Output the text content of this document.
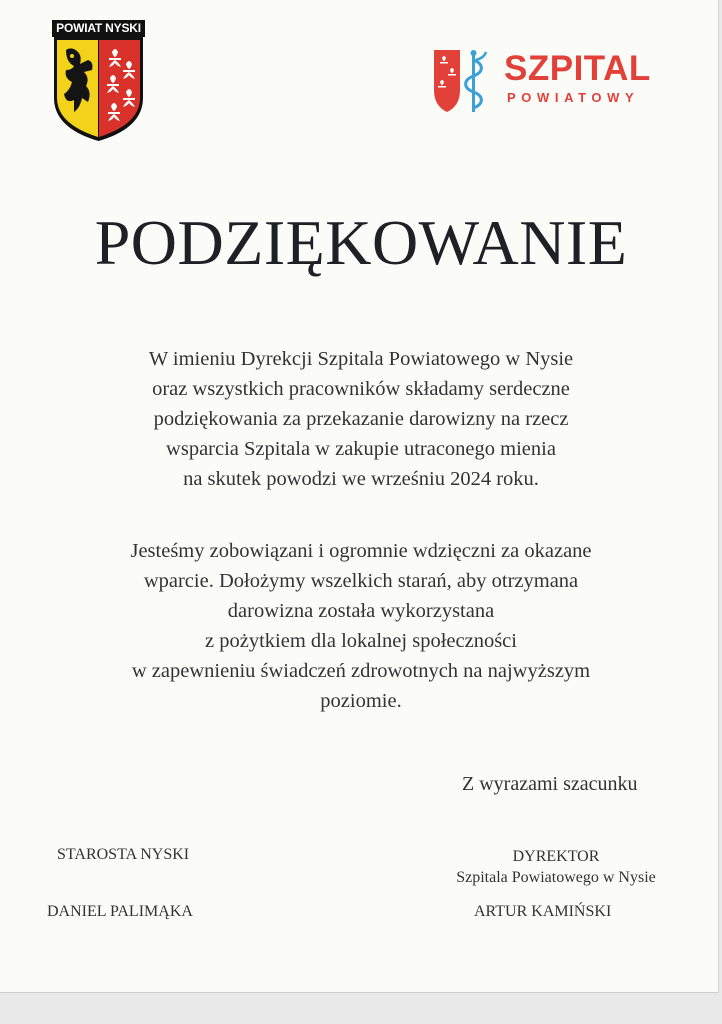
POWIAT NYSKI
SZPITAL
POWIATOWY
PODZIĘKOWANIE
W imieniu Dyrekcji Szpitala Powiatowego w Nysie
oraz wszystkich pracowników składamy serdeczne
podziękowania za przekazanie darowizny na rzecz
wsparcia Szpitala w zakupie utraconego mienia
na skutek powodzi we wrześniu 2024 roku.
Jesteśmy zobowiązani i ogromnie wdzięczni za okazane
wparcie. Dołożymy wszelkich starań, aby otrzymana
darowizna została wykorzystana
z pożytkiem dla lokalnej społeczności
w zapewnieniu świadczeń zdrowotnych na najwyższym
poziomie.
Z wyrazami szacunku
STAROSTA NYSKI
DANIEL PALIMĄKA
DYREKTOR
Szpitala Powiatowego w Nysie
ARTUR KAMIŃSKI
